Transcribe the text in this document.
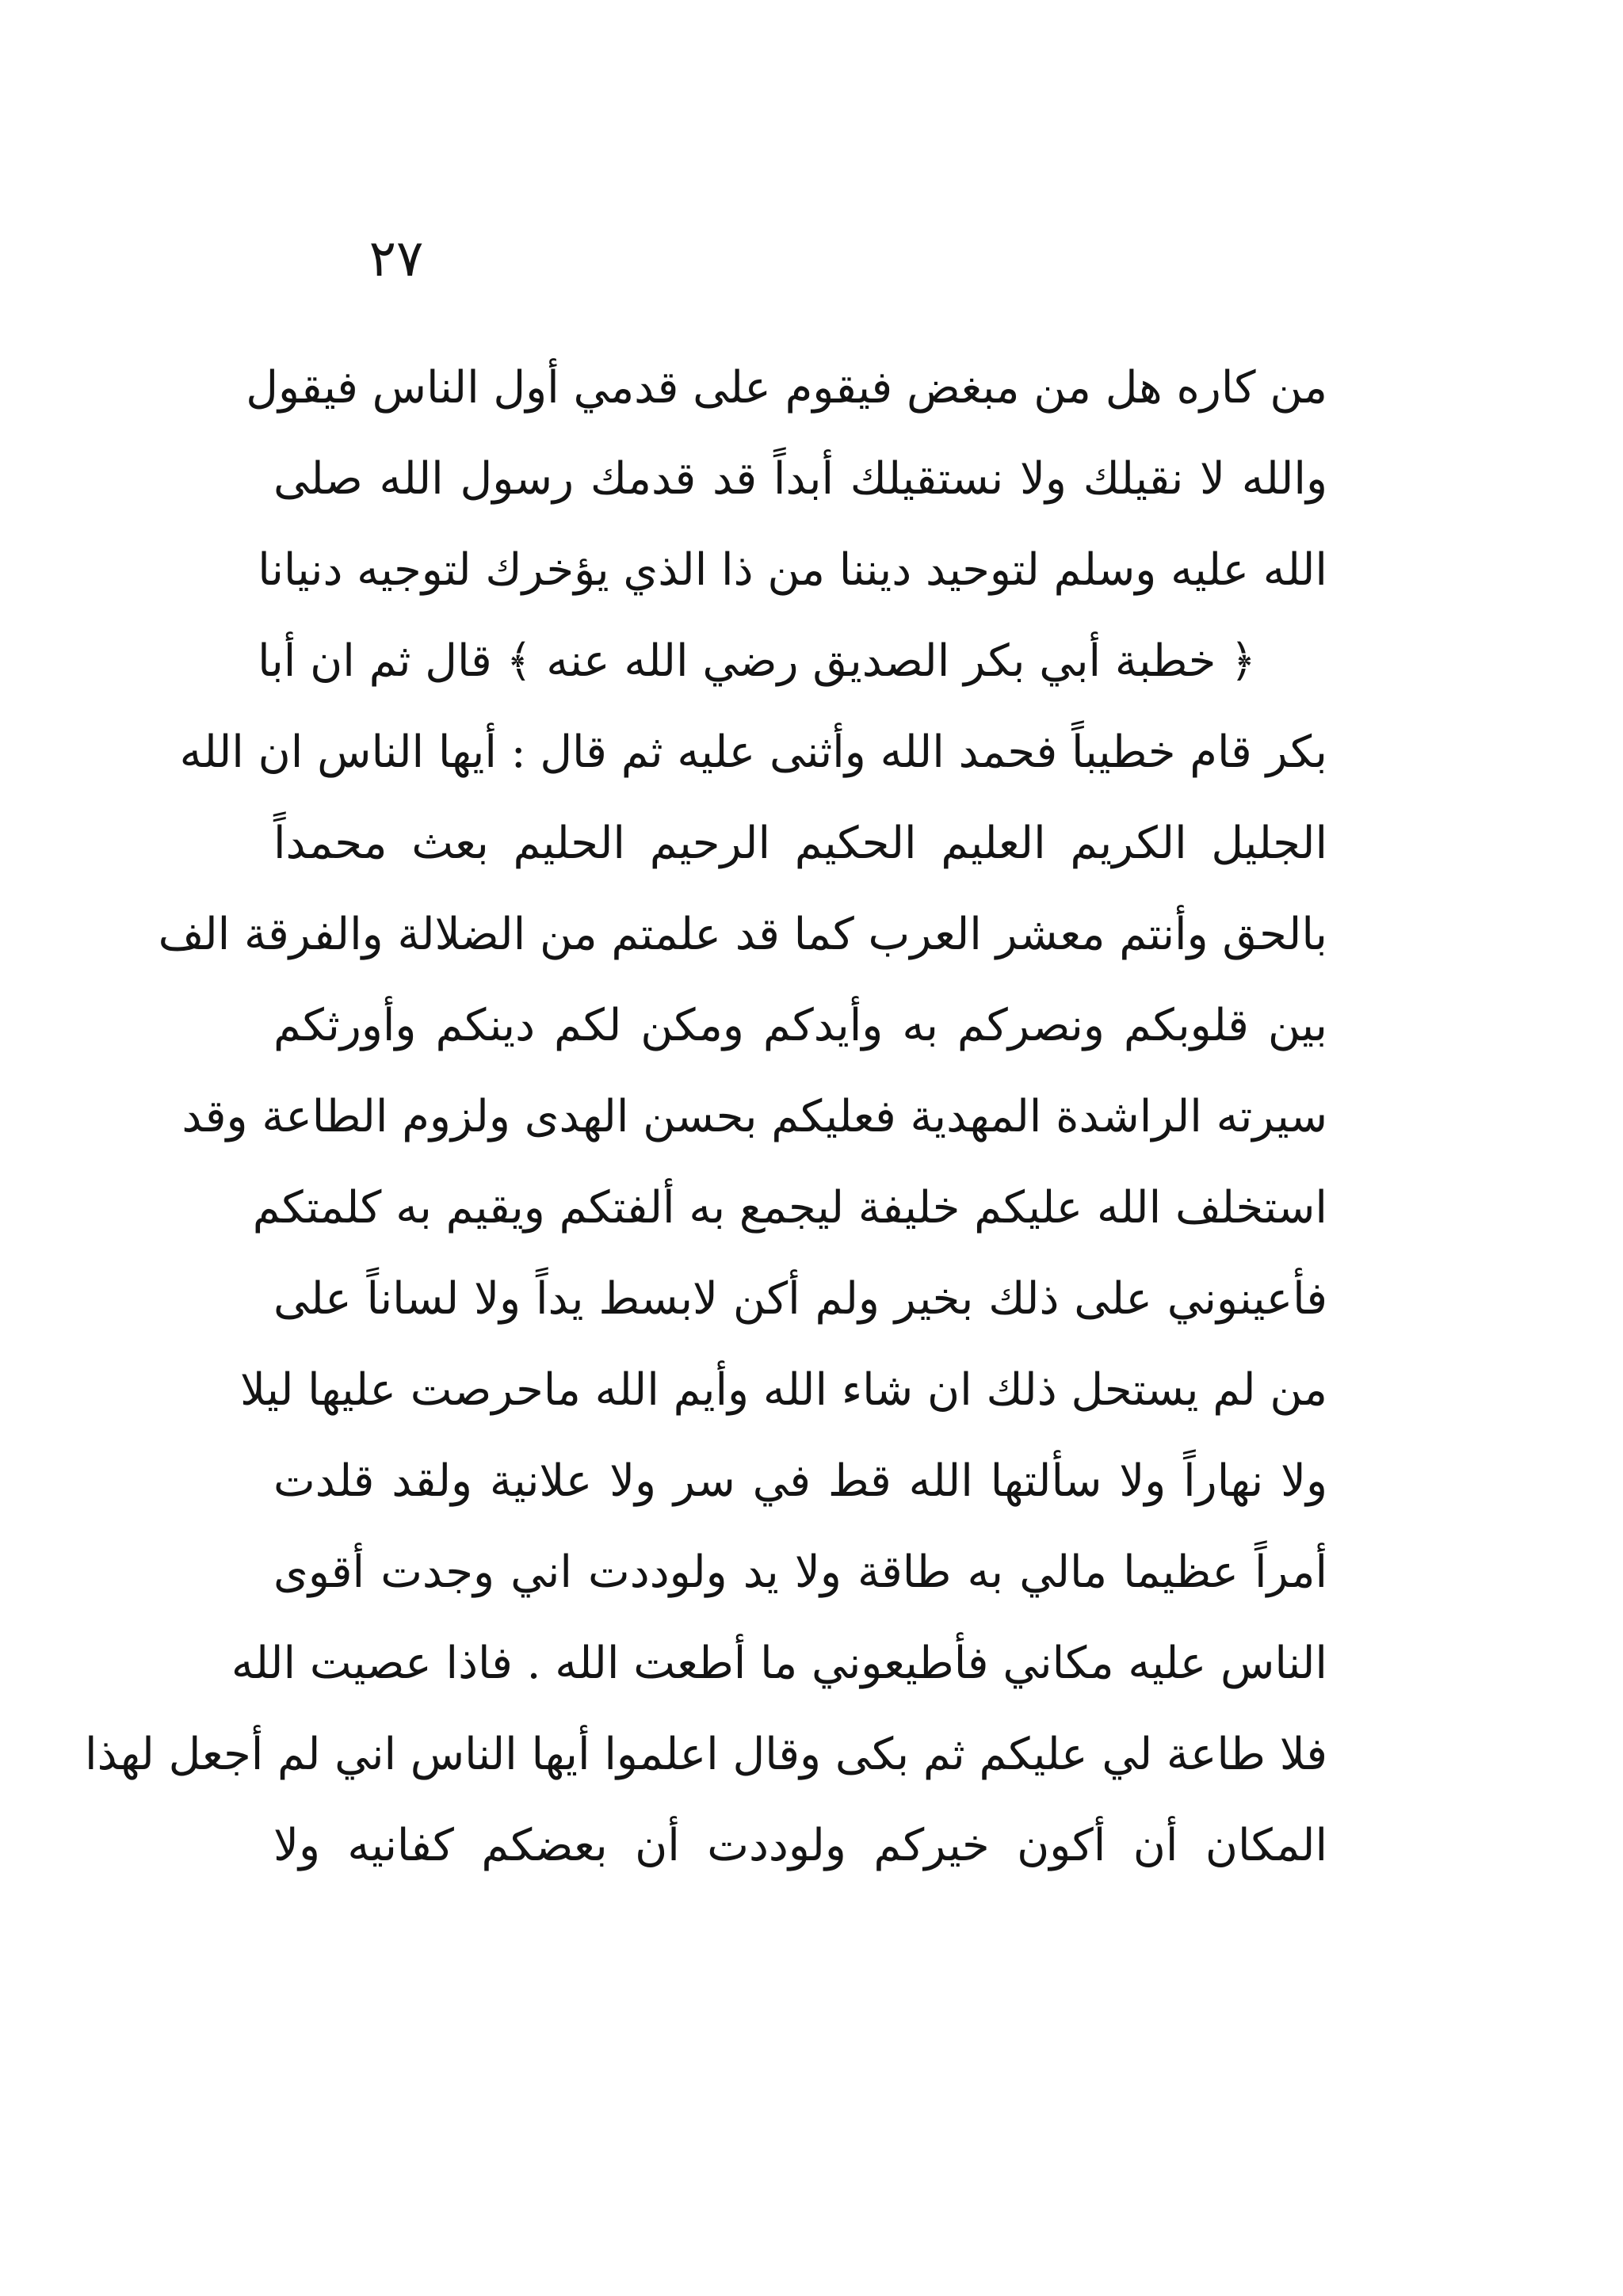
٢٧
من كاره هل من مبغض فيقوم على قدمي أول الناس فيقول
والله لا نقيلك ولا نستقيلك أبداً قد قدمك رسول الله صلى
الله عليه وسلم لتوحيد ديننا من ذا الذي يؤخرك لتوجيه دنيانا
﴿ خطبة أبي بكر الصديق رضي الله عنه ﴾ قال ثم ان أبا
بكر قام خطيباً فحمد الله وأثنى عليه ثم قال : أيها الناس ان الله
الجليل الكريم العليم الحكيم الرحيم الحليم بعث محمداً
بالحق وأنتم معشر العرب كما قد علمتم من الضلالة والفرقة الف
بين قلوبكم ونصركم به وأيدكم ومكن لكم دينكم وأورثكم
سيرته الراشدة المهدية فعليكم بحسن الهدى ولزوم الطاعة وقد
استخلف الله عليكم خليفة ليجمع به ألفتكم ويقيم به كلمتكم
فأعينوني على ذلك بخير ولم أكن لابسط يداً ولا لساناً على
من لم يستحل ذلك ان شاء الله وأيم الله ماحرصت عليها ليلا
ولا نهاراً ولا سألتها الله قط في سر ولا علانية ولقد قلدت
أمراً عظيما مالي به طاقة ولا يد ولوددت اني وجدت أقوى
الناس عليه مكاني فأطيعوني ما أطعت الله . فاذا عصيت الله
فلا طاعة لي عليكم ثم بكى وقال اعلموا أيها الناس اني لم أجعل لهذا
المكان أن أكون خيركم ولوددت أن بعضكم كفانيه ولا
